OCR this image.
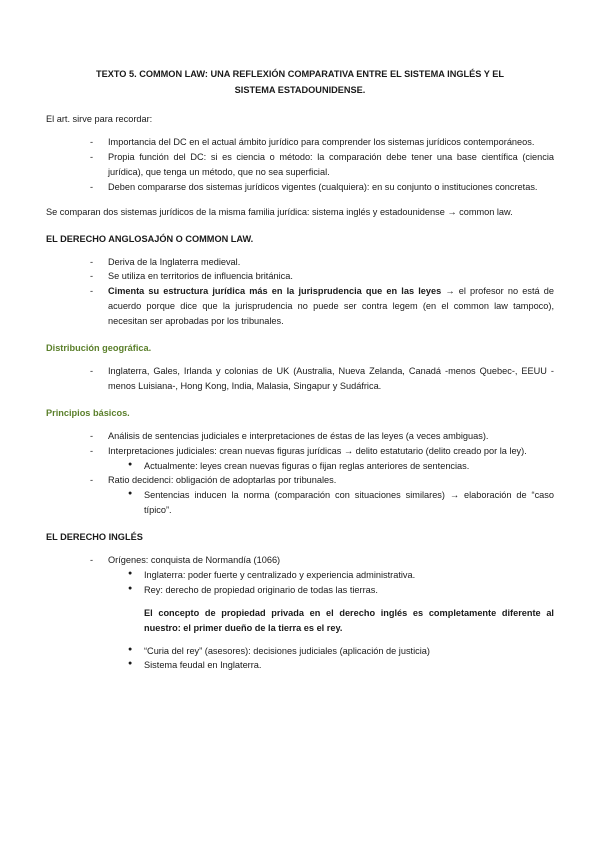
TEXTO 5. COMMON LAW: UNA REFLEXIÓN COMPARATIVA ENTRE EL SISTEMA INGLÉS Y EL SISTEMA ESTADOUNIDENSE.

El art. sirve para recordar:

- Importancia del DC en el actual ámbito jurídico para comprender los sistemas jurídicos contemporáneos.
- Propia función del DC: si es ciencia o método: la comparación debe tener una base científica (ciencia jurídica), que tenga un método, que no sea superficial.
- Deben compararse dos sistemas jurídicos vigentes (cualquiera): en su conjunto o instituciones concretas.

Se comparan dos sistemas jurídicos de la misma familia jurídica: sistema inglés y estadounidense → common law.

EL DERECHO ANGLOSAJÓN O COMMON LAW.

- Deriva de la Inglaterra medieval.
- Se utiliza en territorios de influencia británica.
- Cimenta su estructura jurídica más en la jurisprudencia que en las leyes → el profesor no está de acuerdo porque dice que la jurisprudencia no puede ser contra legem (en el common law tampoco), necesitan ser aprobadas por los tribunales.

Distribución geográfica.

- Inglaterra, Gales, Irlanda y colonias de UK (Australia, Nueva Zelanda, Canadá -menos Quebec-, EEUU -menos Luisiana-, Hong Kong, India, Malasia, Singapur y Sudáfrica.

Principios básicos.

- Análisis de sentencias judiciales e interpretaciones de éstas de las leyes (a veces ambiguas).
- Interpretaciones judiciales: crean nuevas figuras jurídicas → delito estatutario (delito creado por la ley).
● Actualmente: leyes crean nuevas figuras o fijan reglas anteriores de sentencias.
- Ratio decidenci: obligación de adoptarlas por tribunales.
● Sentencias inducen la norma (comparación con situaciones similares) → elaboración de “caso típico”.

EL DERECHO INGLÉS

- Orígenes: conquista de Normandía (1066)
● Inglaterra: poder fuerte y centralizado y experiencia administrativa.
● Rey: derecho de propiedad originario de todas las tierras.

El concepto de propiedad privada en el derecho inglés es completamente diferente al nuestro: el primer dueño de la tierra es el rey.

● “Curia del rey” (asesores): decisiones judiciales (aplicación de justicia)
● Sistema feudal en Inglaterra.
